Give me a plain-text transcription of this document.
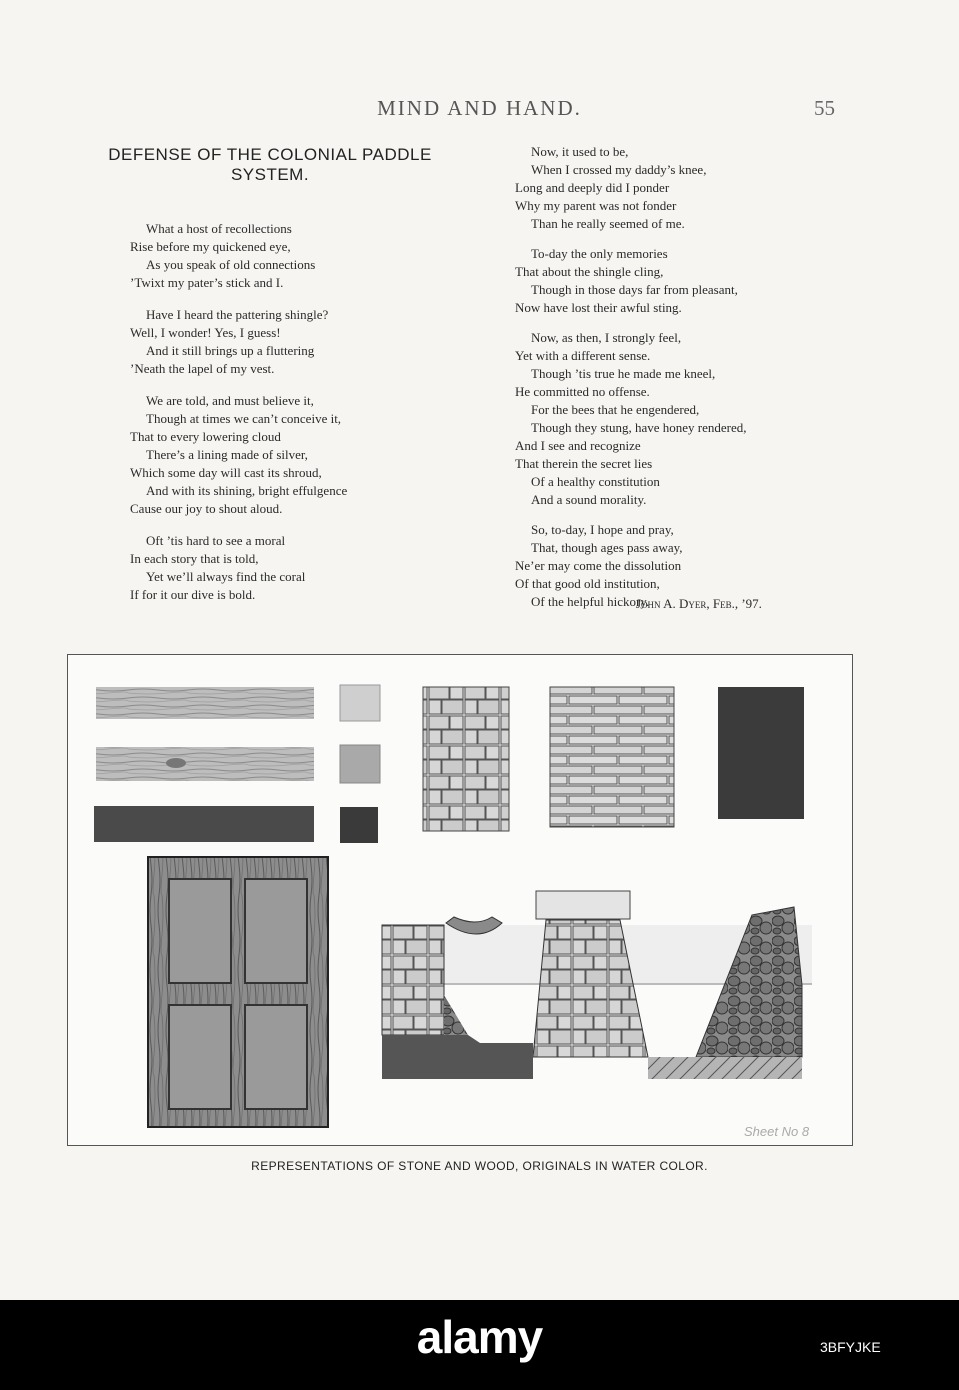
MIND AND HAND.	55
DEFENSE OF THE COLONIAL PADDLE SYSTEM.
What a host of recollections
Rise before my quickened eye,
As you speak of old connections
’Twixt my pater’s stick and I.
Have I heard the pattering shingle?
Well, I wonder! Yes, I guess!
And it still brings up a fluttering
’Neath the lapel of my vest.
We are told, and must believe it,
Though at times we can’t conceive it,
That to every lowering cloud
There’s a lining made of silver,
Which some day will cast its shroud,
And with its shining, bright effulgence
Cause our joy to shout aloud.
Oft ’tis hard to see a moral
In each story that is told,
Yet we’ll always find the coral
If for it our dive is bold.
Now, it used to be,
When I crossed my daddy’s knee,
Long and deeply did I ponder
Why my parent was not fonder
Than he really seemed of me.
To-day the only memories
That about the shingle cling,
Though in those days far from pleasant,
Now have lost their awful sting.
Now, as then, I strongly feel,
Yet with a different sense.
Though ’tis true he made me kneel,
He committed no offense.
For the bees that he engendered,
Though they stung, have honey rendered,
And I see and recognize
That therein the secret lies
Of a healthy constitution
And a sound morality.
So, to-day, I hope and pray,
That, though ages pass away,
Ne’er may come the dissolution
Of that good old institution,
Of the helpful hickory.
John A. Dyer, Feb., ’97.
Sheet No 8
REPRESENTATIONS OF STONE AND WOOD, ORIGINALS IN WATER COLOR.
alamy	3BFYJKE
